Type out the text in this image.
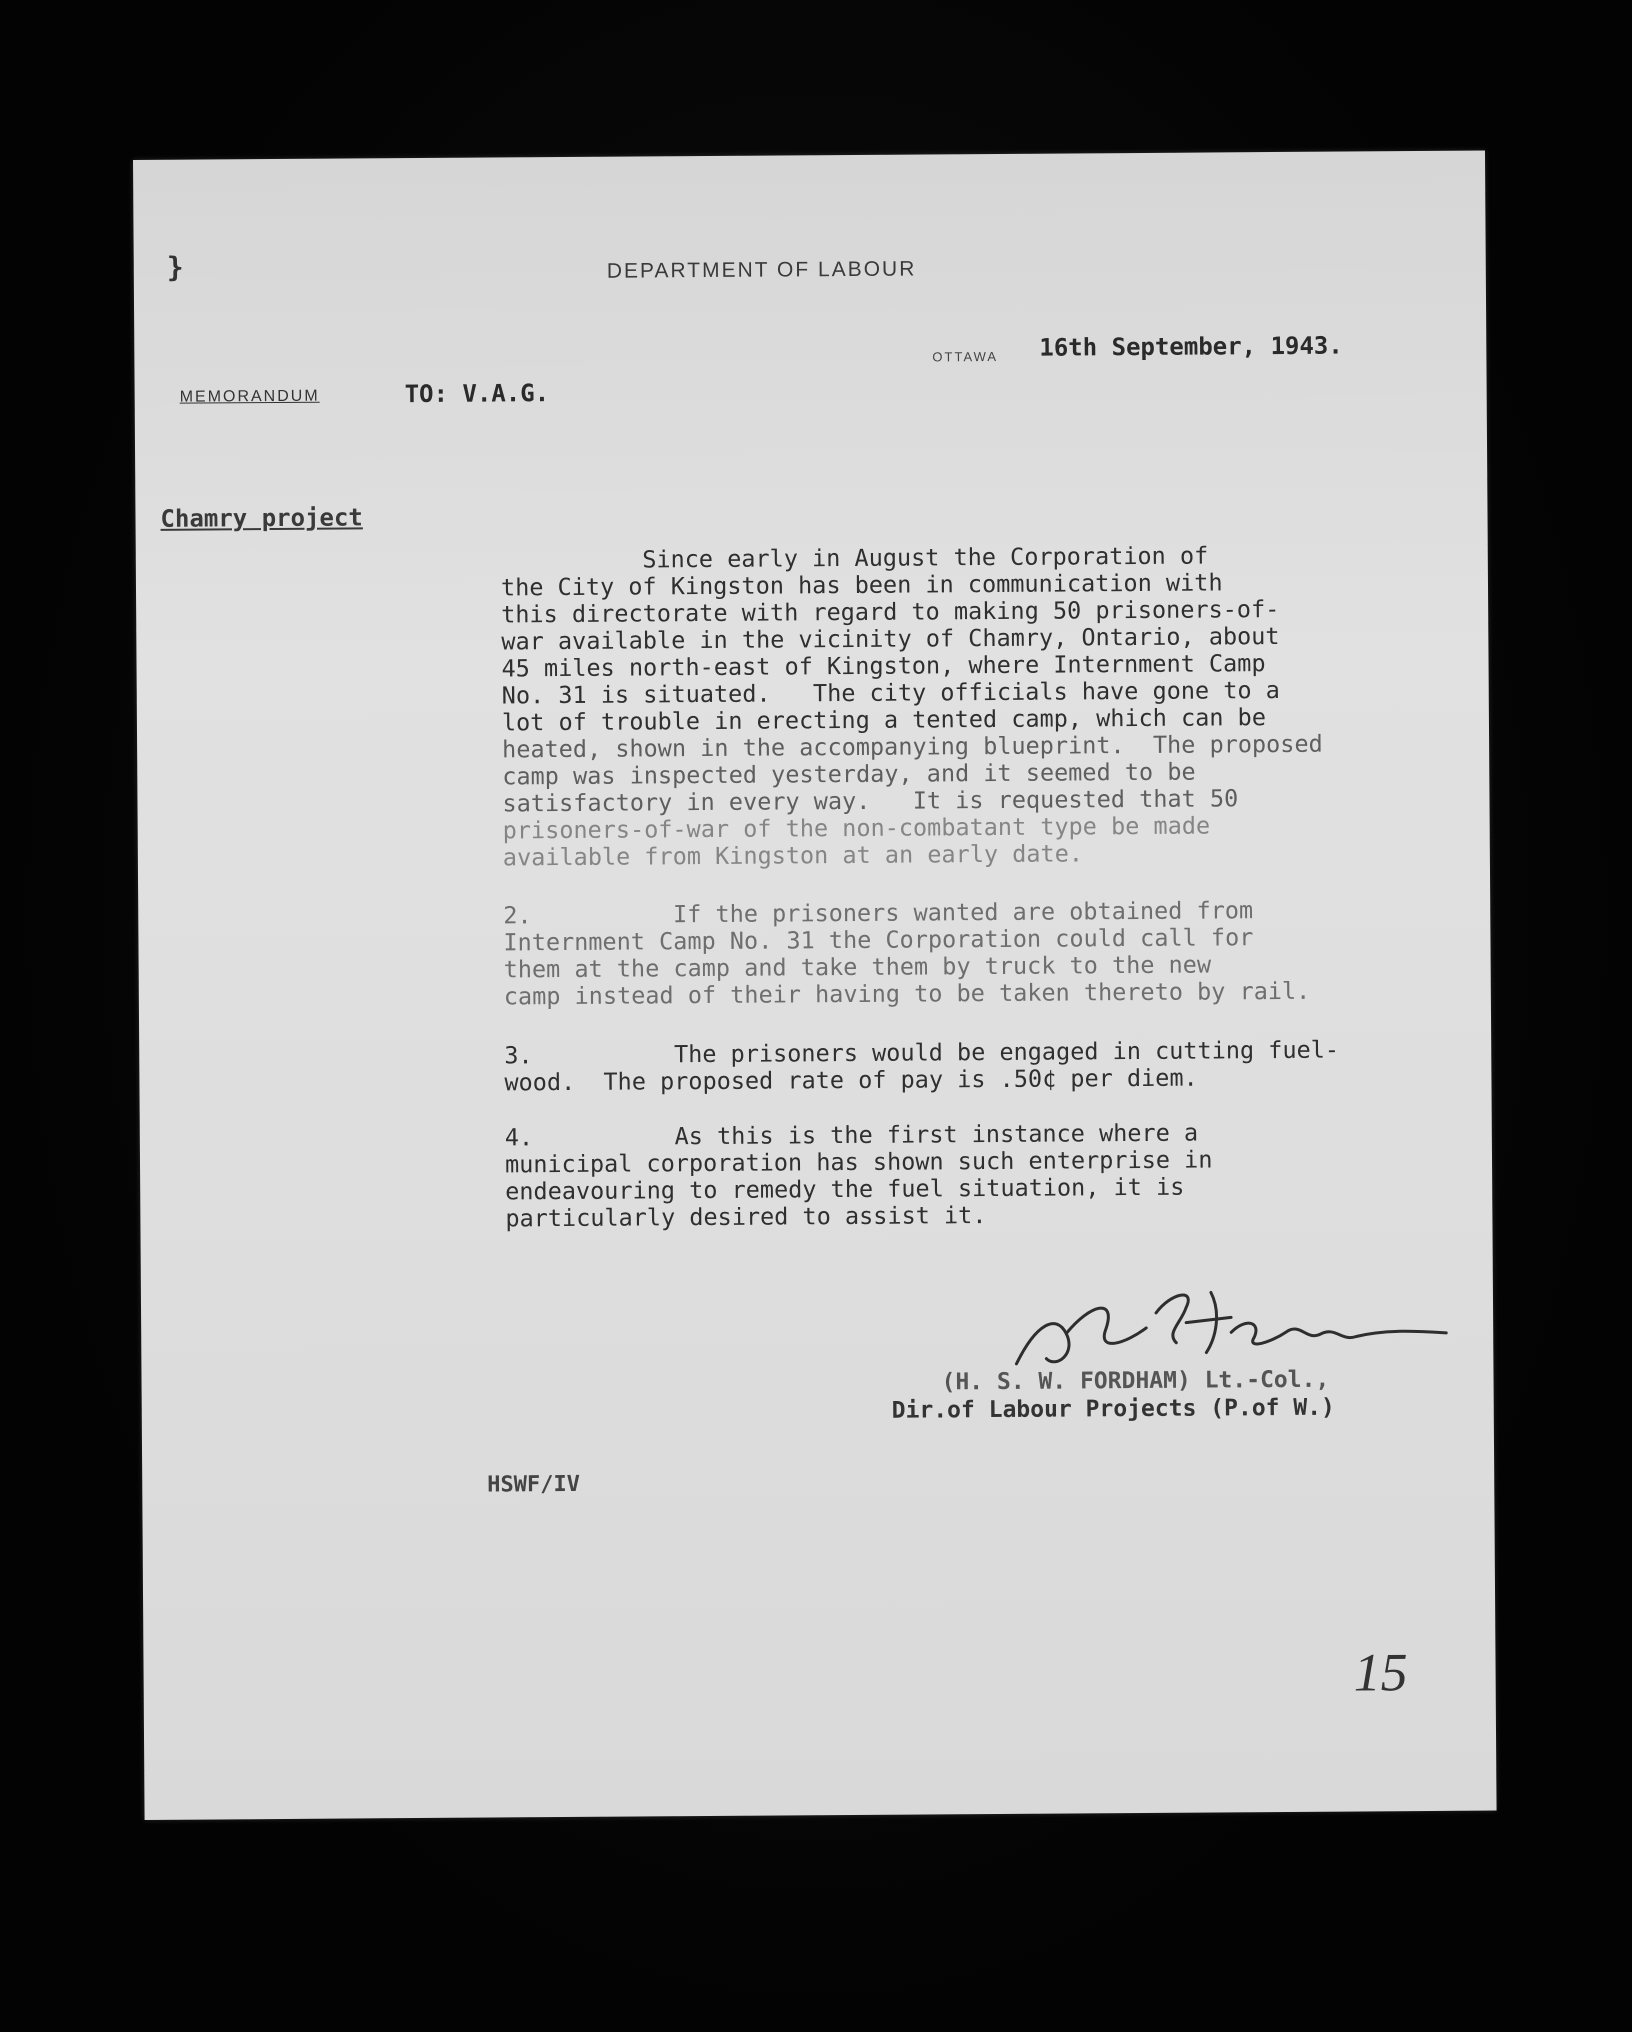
}	DEPARTMENT OF LABOUR
OTTAWA 16th September, 1943.
MEMORANDUM	TO: V.A.G.
Chamry project
Since early in August the Corporation of
the City of Kingston has been in communication with
this directorate with regard to making 50 prisoners-of-
war available in the vicinity of Chamry, Ontario, about
45 miles north-east of Kingston, where Internment Camp
No. 31 is situated.   The city officials have gone to a
lot of trouble in erecting a tented camp, which can be
heated, shown in the accompanying blueprint.  The proposed
camp was inspected yesterday, and it seemed to be
satisfactory in every way.   It is requested that 50
prisoners-of-war of the non-combatant type be made
available from Kingston at an early date.
2.          If the prisoners wanted are obtained from
Internment Camp No. 31 the Corporation could call for
them at the camp and take them by truck to the new
camp instead of their having to be taken thereto by rail.
3.          The prisoners would be engaged in cutting fuel-
wood.  The proposed rate of pay is .50¢ per diem.
4.          As this is the first instance where a
municipal corporation has shown such enterprise in
endeavouring to remedy the fuel situation, it is
particularly desired to assist it.
(H. S. W. FORDHAM) Lt.-Col.,
Dir.of Labour Projects (P.of W.)
HSWF/IV
15
